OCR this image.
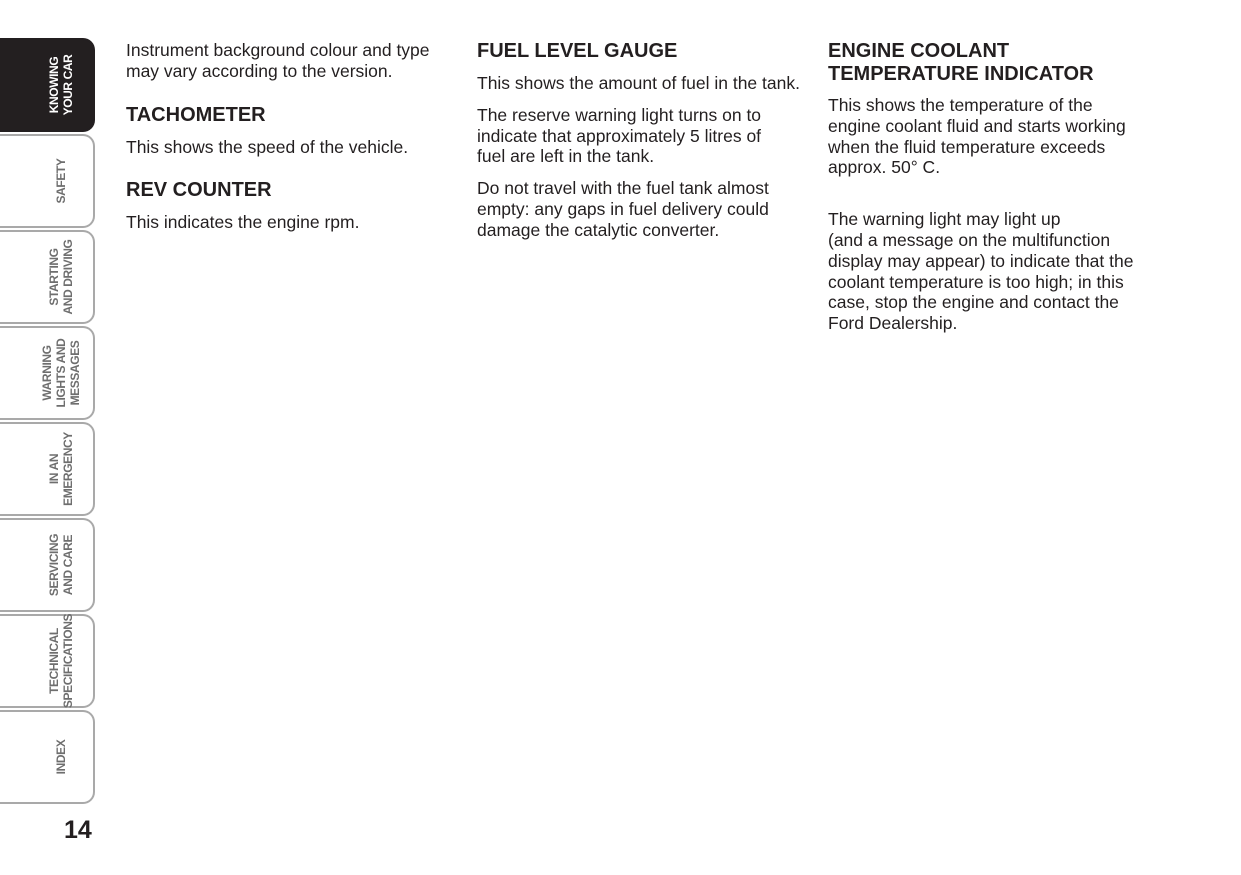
KNOWING
YOUR CAR
SAFETY
STARTING
AND DRIVING
WARNING
LIGHTS AND
MESSAGES
IN AN
EMERGENCY
SERVICING
AND CARE
TECHNICAL
SPECIFICATIONS
INDEX
14

Instrument background colour and type
may vary according to the version.

TACHOMETER

This shows the speed of the vehicle.

REV COUNTER

This indicates the engine rpm.

FUEL LEVEL GAUGE

This shows the amount of fuel in the tank.

The reserve warning light turns on to
indicate that approximately 5 litres of
fuel are left in the tank.

Do not travel with the fuel tank almost
empty: any gaps in fuel delivery could
damage the catalytic converter.

ENGINE COOLANT
TEMPERATURE INDICATOR

This shows the temperature of the
engine coolant fluid and starts working
when the fluid temperature exceeds
approx. 50° C.

The warning light may light up
(and a message on the multifunction
display may appear) to indicate that the
coolant temperature is too high; in this
case, stop the engine and contact the
Ford Dealership.
